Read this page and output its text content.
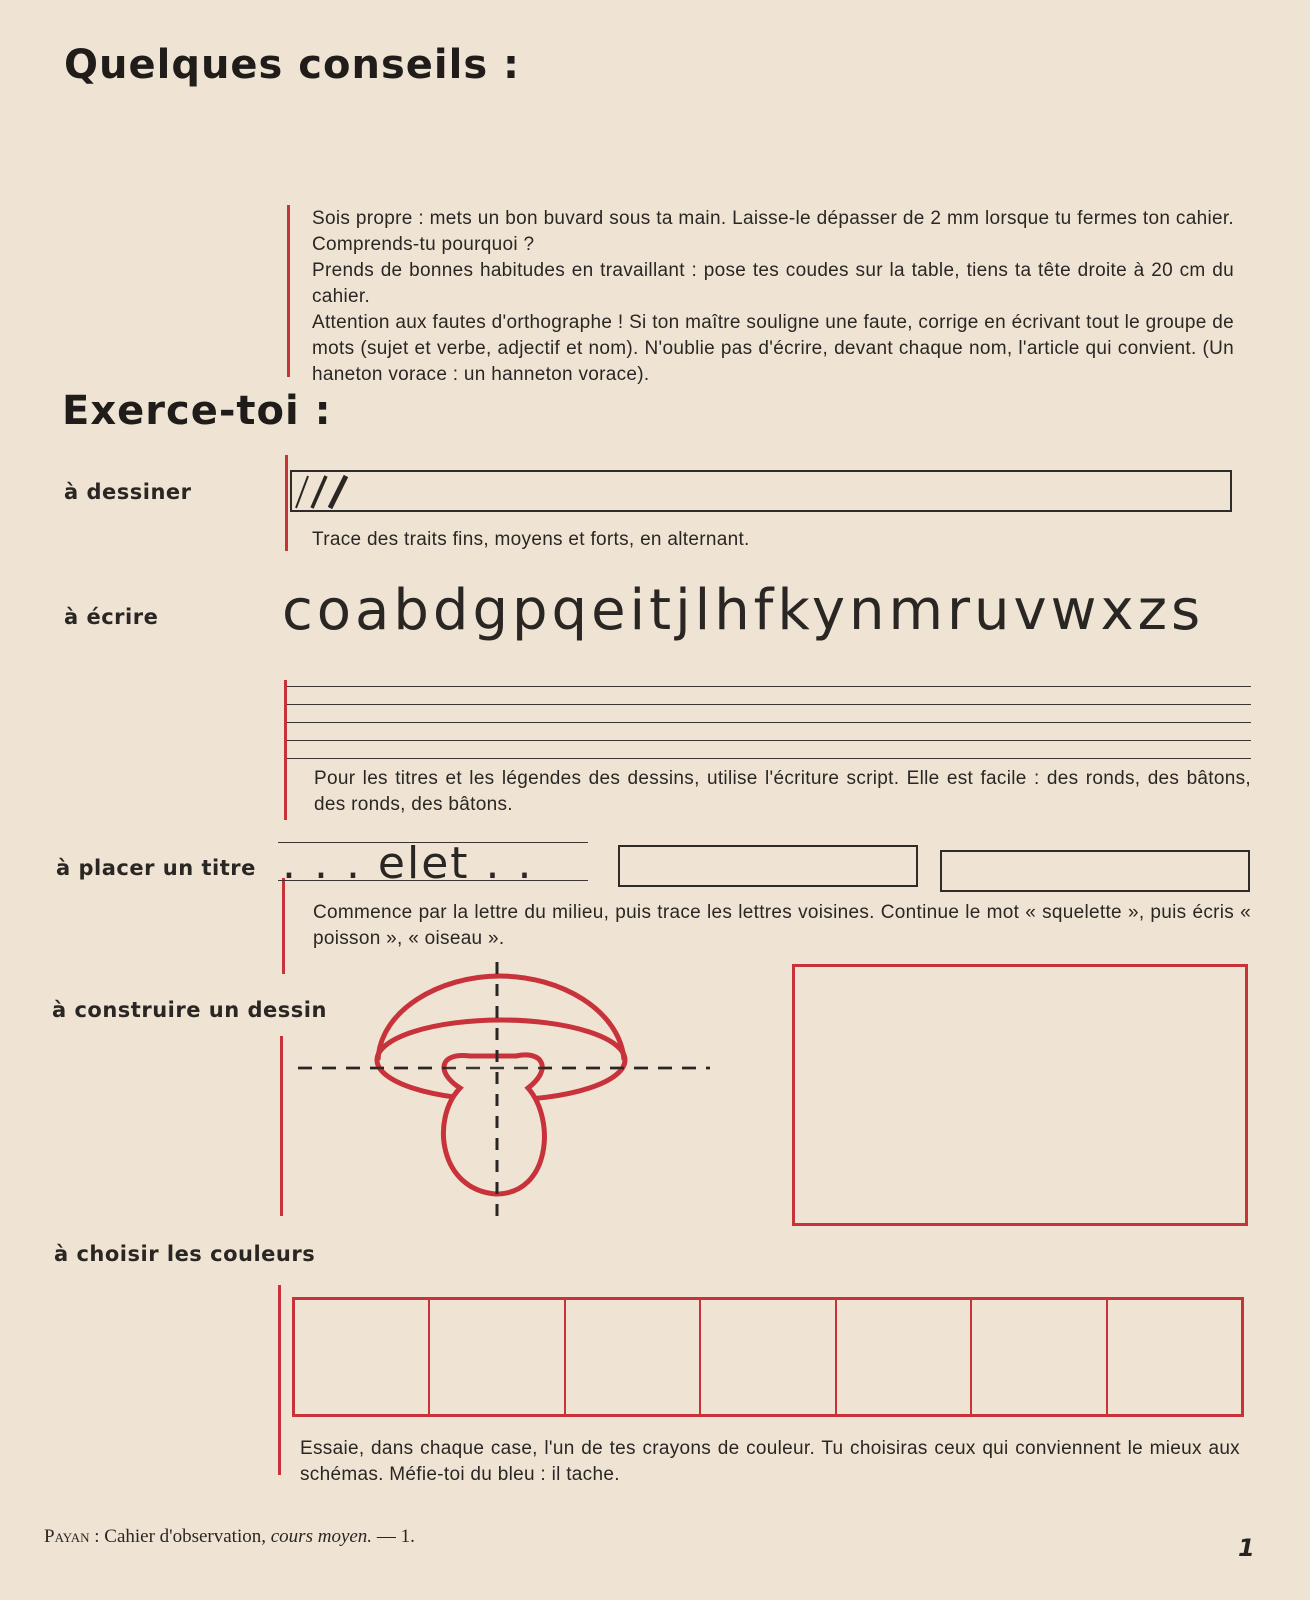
Quelques conseils :
Sois propre : mets un bon buvard sous ta main. Laisse-le dépasser de 2 mm lorsque tu fermes ton cahier. Comprends-tu pourquoi ?
Prends de bonnes habitudes en travaillant : pose tes coudes sur la table, tiens ta tête droite à 20 cm du cahier.
Attention aux fautes d'orthographe ! Si ton maître souligne une faute, corrige en écrivant tout le groupe de mots (sujet et verbe, adjectif et nom). N'oublie pas d'écrire, devant chaque nom, l'article qui convient. (Un haneton vorace : un hanneton vorace).
Exerce-toi :
à dessiner
Trace des traits fins, moyens et forts, en alternant.
à écrire coabdgpqeitjlhfkynmruvwxzs
Pour les titres et les légendes des dessins, utilise l'écriture script. Elle est facile : des ronds, des bâtons, des ronds, des bâtons.
à placer un titre . . . elet . .
Commence par la lettre du milieu, puis trace les lettres voisines. Continue le mot « squelette », puis écris « poisson », « oiseau ».
à construire un dessin
à choisir les couleurs
Essaie, dans chaque case, l'un de tes crayons de couleur. Tu choisiras ceux qui conviennent le mieux aux schémas. Méfie-toi du bleu : il tache.
Payan : Cahier d'observation, cours moyen. — 1.	1
